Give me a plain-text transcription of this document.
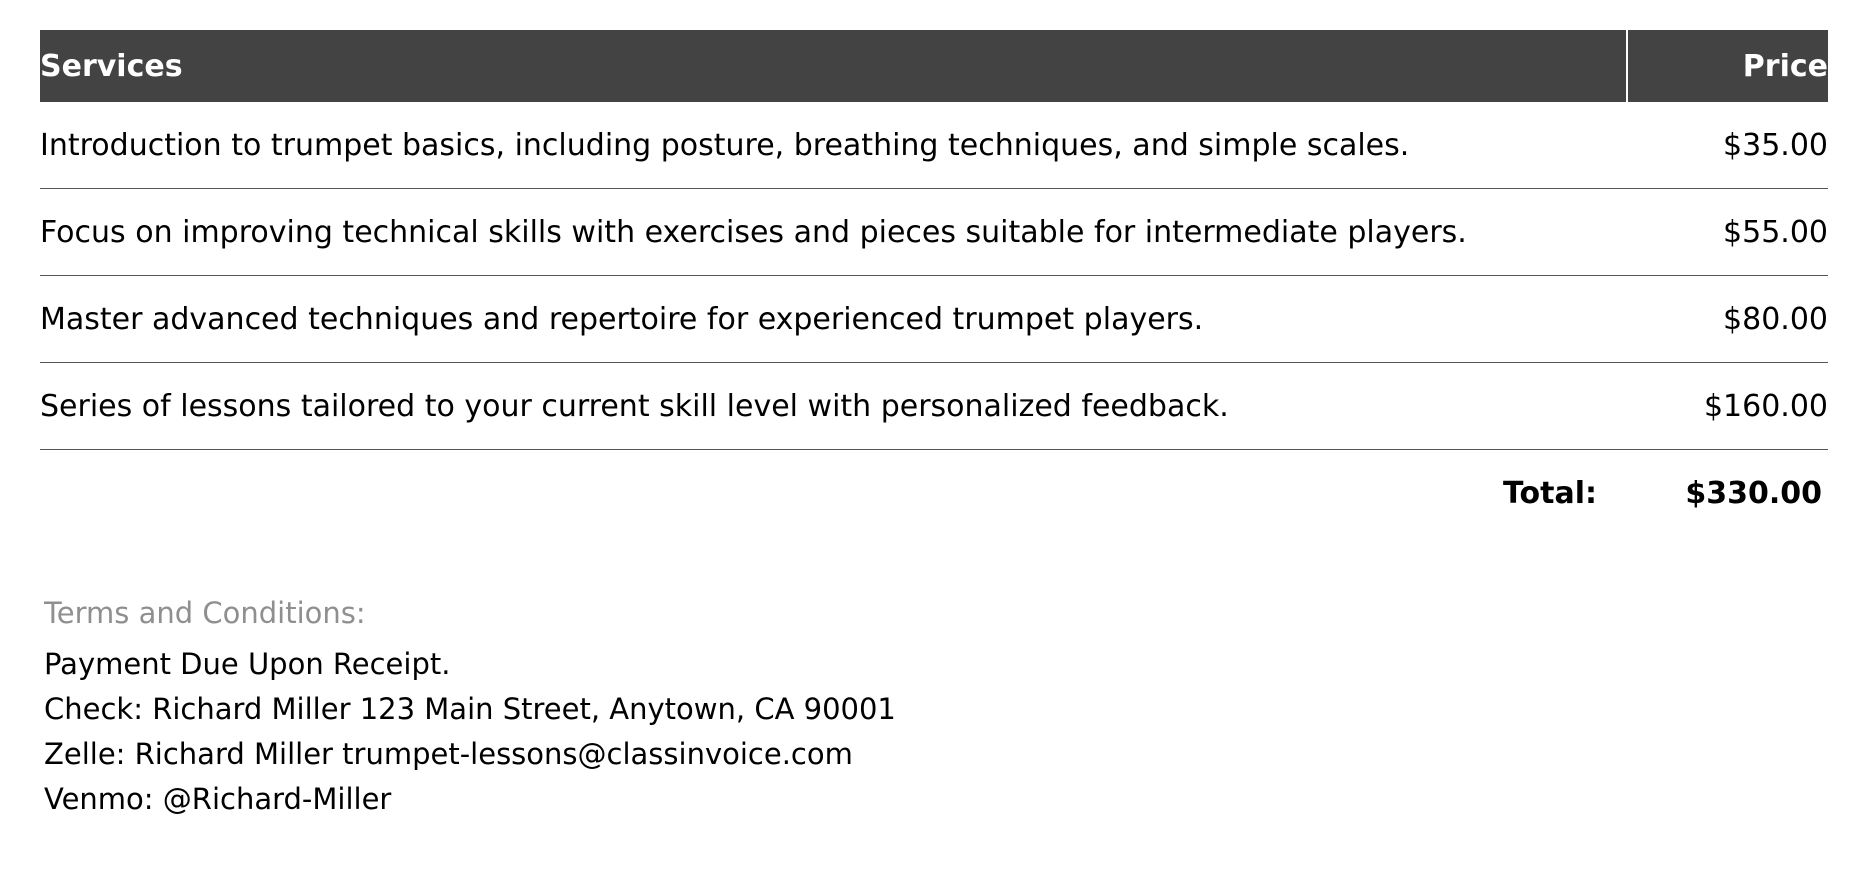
Services	Price
Introduction to trumpet basics, including posture, breathing techniques, and simple scales.	$35.00
Focus on improving technical skills with exercises and pieces suitable for intermediate players.	$55.00
Master advanced techniques and repertoire for experienced trumpet players.	$80.00
Series of lessons tailored to your current skill level with personalized feedback.	$160.00
Total:	$330.00
Terms and Conditions:
Payment Due Upon Receipt.
Check: Richard Miller 123 Main Street, Anytown, CA 90001
Zelle: Richard Miller trumpet-lessons@classinvoice.com
Venmo: @Richard-Miller
